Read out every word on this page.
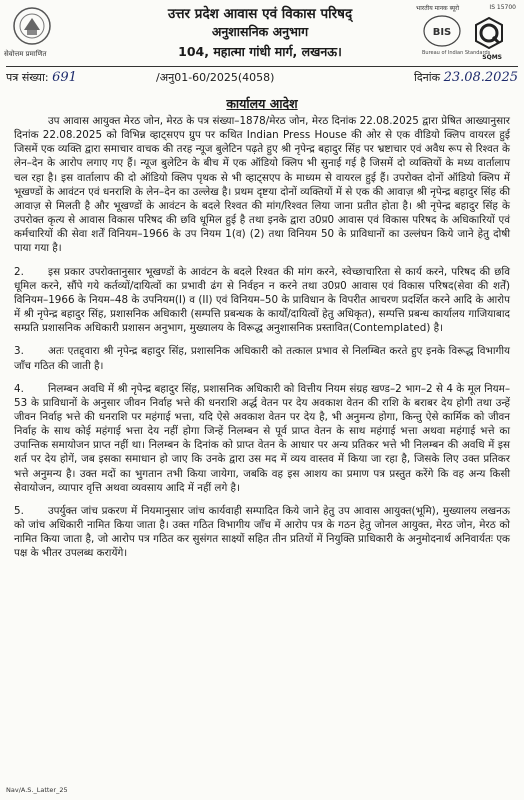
सेवोत्तम प्रमाणित
उत्तर प्रदेश आवास एवं विकास परिषद्
अनुशासनिक अनुभाग
104, महात्मा गांधी मार्ग, लखनऊ।
भारतीय मानक ब्यूरो	IS 15700
BIS
Bureau of Indian Standards
SQMS
पत्र संख्या: 691	/अनु01-60/2025(4058)	दिनांक 23.08.2025
कार्यालय आदेश

उप आवास आयुक्त मेरठ जोन, मेरठ के पत्र संख्या–1878/मेरठ जोन, मेरठ दिनांक 22.08.2025 द्वारा प्रेषित आख्यानुसार दिनांक 22.08.2025 को विभिन्न व्हाट्सएप ग्रुप पर कथित Indian Press House की ओर से एक वीडियो क्लिप वायरल हुई जिसमें एक व्यक्ति द्वारा समाचार वाचक की तरह न्यूज बुलेटिन पढ़ते हुए श्री नृपेन्द्र बहादुर सिंह पर भ्रष्टाचार एवं अवैध रूप से रिश्वत के लेन–देन के आरोप लगाए गए हैं। न्यूज बुलेटिन के बीच में एक ऑडियो क्लिप भी सुनाई गई है जिसमें दो व्यक्तियों के मध्य वार्तालाप चल रहा है। इस वार्तालाप की दो ऑडियो क्लिप पृथक से भी व्हाट्सएप के माध्यम से वायरल हुई हैं। उपरोक्त दोनों ऑडियो क्लिप में भूखण्डों के आवंटन एवं धनराशि के लेन–देन का उल्लेख है। प्रथम दृष्टया दोनों व्यक्तियों में से एक की आवाज़ श्री नृपेन्द्र बहादुर सिंह की आवाज़ से मिलती है और भूखण्डों के आवंटन के बदले रिश्वत की मांग/रिश्वत लिया जाना प्रतीत होता है। श्री नृपेन्द्र बहादुर सिंह के उपरोक्त कृत्य से आवास विकास परिषद की छवि धूमिल हुई है तथा इनके द्वारा उ0प्र0 आवास एवं विकास परिषद के अधिकारियों एवं कर्मचारियों की सेवा शर्तें विनियम–1966 के उप नियम 1(व) (2) तथा विनियम 50 के प्राविधानों का उल्लंघन किये जाने हेतु दोषी पाया गया है।

2. इस प्रकार उपरोक्तानुसार भूखण्डों के आवंटन के बदले रिश्वत की मांग करने, स्वेच्छाचारिता से कार्य करने, परिषद की छवि धूमिल करने, सौंपे गये कर्तव्यों/दायित्वों का प्रभावी ढंग से निर्वहन न करने तथा उ0प्र0 आवास एवं विकास परिषद(सेवा की शर्तें) विनियम–1966 के नियम–48 के उपनियम(I) व (II) एवं विनियम–50 के प्राविधान के विपरीत आचरण प्रदर्शित करने आदि के आरोप में श्री नृपेन्द्र बहादुर सिंह, प्रशासनिक अधिकारी (सम्पत्ति प्रबन्धक के कार्यों/दायित्वों हेतु अधिकृत), सम्पत्ति प्रबन्ध कार्यालय गाजियाबाद सम्प्रति प्रशासनिक अधिकारी प्रशासन अनुभाग, मुख्यालय के विरूद्ध अनुशासनिक प्रस्तावित(Contemplated) है।

3. अतः एतद्द्वारा श्री नृपेन्द्र बहादुर सिंह, प्रशासनिक अधिकारी को तत्काल प्रभाव से निलम्बित करते हुए इनके विरूद्ध विभागीय जाँच गठित की जाती है।

4. निलम्बन अवधि में श्री नृपेन्द्र बहादुर सिंह, प्रशासनिक अधिकारी को वित्तीय नियम संग्रह खण्ड–2 भाग–2 से 4 के मूल नियम–53 के प्राविधानों के अनुसार जीवन निर्वाह भत्ते की धनराशि अर्द्ध वेतन पर देय अवकाश वेतन की राशि के बराबर देय होगी तथा उन्हें जीवन निर्वाह भत्ते की धनराशि पर महंगाई भत्ता, यदि ऐसे अवकाश वेतन पर देय है, भी अनुमन्य होगा, किन्तु ऐसे कार्मिक को जीवन निर्वाह के साथ कोई महंगाई भत्ता देय नहीं होगा जिन्हें निलम्बन से पूर्व प्राप्त वेतन के साथ महंगाई भत्ता अथवा महंगाई भत्ते का उपान्तिक समायोजन प्राप्त नहीं था। निलम्बन के दिनांक को प्राप्त वेतन के आधार पर अन्य प्रतिकर भत्ते भी निलम्बन की अवधि में इस शर्त पर देय होगें, जब इसका समाधान हो जाए कि उनके द्वारा उस मद में व्यय वास्तव में किया जा रहा है, जिसके लिए उक्त प्रतिकर भत्ते अनुमन्य है। उक्त मदों का भुगतान तभी किया जायेगा, जबकि वह इस आशय का प्रमाण पत्र प्रस्तुत करेंगे कि वह अन्य किसी सेवायोजन, व्यापार वृत्ति अथवा व्यवसाय आदि में नहीं लगे है।

5. उपर्युक्त जांच प्रकरण में नियमानुसार जांच कार्यवाही सम्पादित किये जाने हेतु उप आवास आयुक्त(भूमि), मुख्यालय लखनऊ को जांच अधिकारी नामित किया जाता है। उक्त गठित विभागीय जाँच में आरोप पत्र के गठन हेतु जोनल आयुक्त, मेरठ जोन, मेरठ को नामित किया जाता है, जो आरोप पत्र गठित कर सुसंगत साक्ष्यों सहित तीन प्रतियों में नियुक्ति प्राधिकारी के अनुमोदनार्थ अनिवार्यतः एक पक्ष के भीतर उपलब्ध करायेंगे।

Nav/A.S._Latter_25
